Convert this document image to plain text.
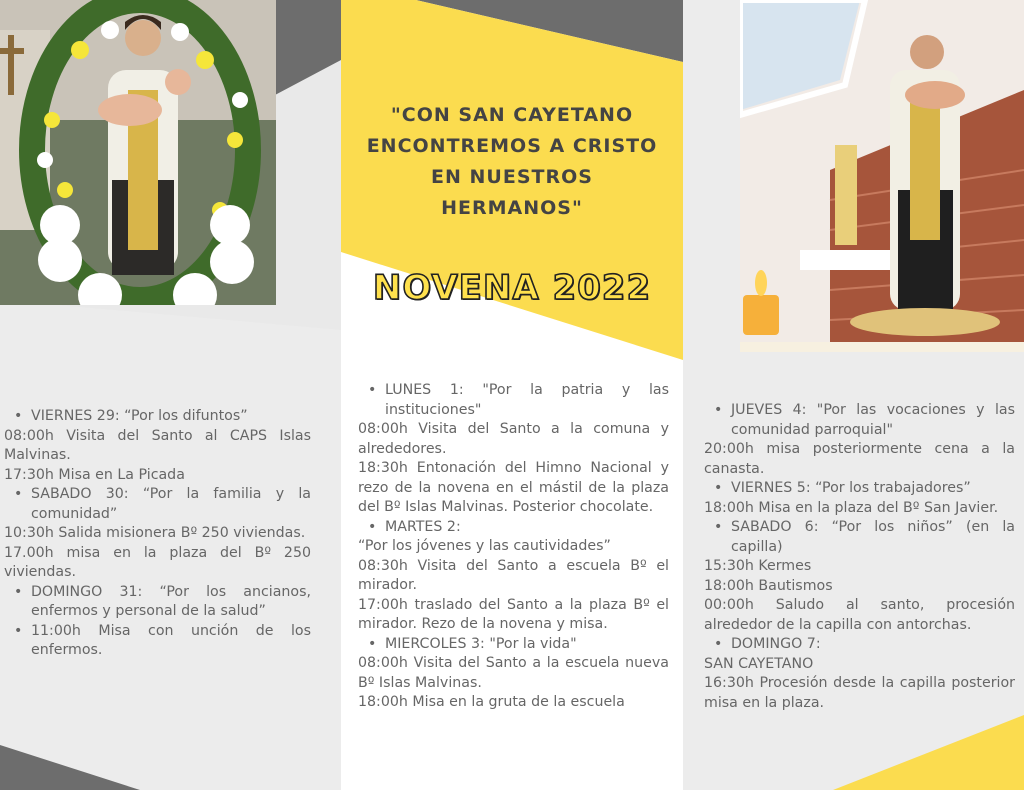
• VIERNES 29: “Por los difuntos”

08:00h Visita del Santo al CAPS Islas Malvinas.

17:30h Misa en La Picada

• SABADO 30: “Por la familia y la comunidad”

10:30h Salida misionera Bº 250 viviendas.

17.00h misa en la plaza del Bº 250 viviendas.

• DOMINGO 31: “Por los ancianos, enfermos y personal de la salud”

• 11:00h Misa con unción de los enfermos.

"CON SAN CAYETANO ENCONTREMOS A CRISTO EN NUESTROS HERMANOS"
NOVENA 2022

• LUNES 1: "Por la patria y las instituciones"

08:00h Visita del Santo a la comuna y alrededores.

18:30h Entonación del Himno Nacional y rezo de la novena en el mástil de la plaza del Bº Islas Malvinas. Posterior chocolate.

• MARTES 2:

“Por los jóvenes y las cautividades”

08:30h Visita del Santo a escuela Bº el mirador.

17:00h traslado del Santo a la plaza Bº el mirador. Rezo de la novena y misa.

• MIERCOLES 3: "Por la vida"

08:00h Visita del Santo a la escuela nueva Bº Islas Malvinas.

18:00h Misa en la gruta de la escuela

• JUEVES 4: "Por las vocaciones y las comunidad parroquial"

20:00h misa posteriormente cena a la canasta.

• VIERNES 5: “Por los trabajadores”

18:00h Misa en la plaza del Bº San Javier.

• SABADO 6: “Por los niños” (en la capilla)

15:30h Kermes

18:00h Bautismos

00:00h Saludo al santo, procesión alrededor de la capilla con antorchas.

• DOMINGO 7:

SAN CAYETANO

16:30h Procesión desde la capilla posterior misa en la plaza.
